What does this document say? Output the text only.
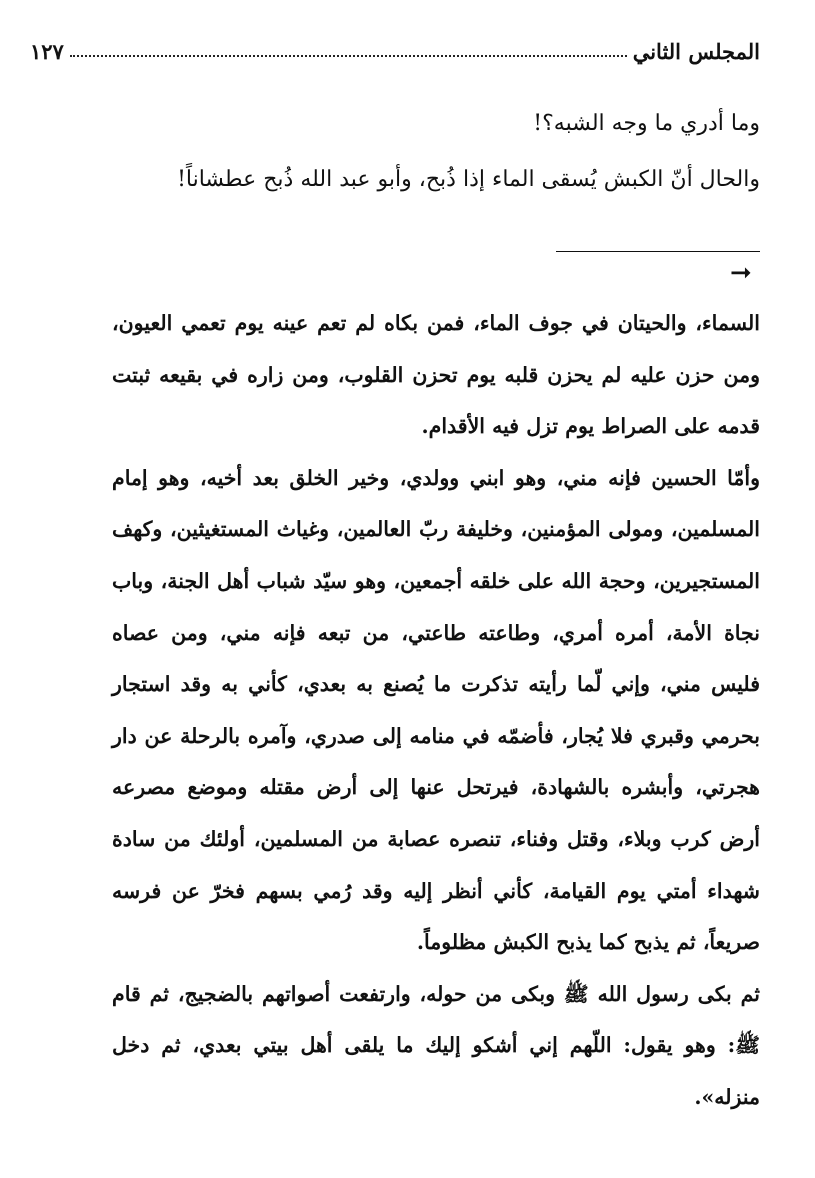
المجلس الثاني
١٢٧

وما أدري ما وجه الشبه؟!

والحال أنّ الكبش يُسقى الماء إذا ذُبح، وأبو عبد الله ذُبح عطشاناً!

➞

السماء، والحيتان في جوف الماء، فمن بكاه لم تعم عينه يوم تعمي العيون، ومن حزن عليه لم يحزن قلبه يوم تحزن القلوب، ومن زاره في بقيعه ثبتت قدمه على الصراط يوم تزل فيه الأقدام.

وأمّا الحسين فإنه مني، وهو ابني وولدي، وخير الخلق بعد أخيه، وهو إمام المسلمين، ومولى المؤمنين، وخليفة ربّ العالمين، وغياث المستغيثين، وكهف المستجيرين، وحجة الله على خلقه أجمعين، وهو سيّد شباب أهل الجنة، وباب نجاة الأمة، أمره أمري، وطاعته طاعتي، من تبعه فإنه مني، ومن عصاه فليس مني، وإني لّما رأيته تذكرت ما يُصنع به بعدي، كأني به وقد استجار بحرمي وقبري فلا يُجار، فأضمّه في منامه إلى صدري، وآمره بالرحلة عن دار هجرتي، وأبشره بالشهادة، فيرتحل عنها إلى أرض مقتله وموضع مصرعه أرض كرب وبلاء، وقتل وفناء، تنصره عصابة من المسلمين، أولئك من سادة شهداء أمتي يوم القيامة، كأني أنظر إليه وقد رُمي بسهم فخرّ عن فرسه صريعاً، ثم يذبح كما يذبح الكبش مظلوماً.

ثم بكى رسول الله ﷺ وبكى من حوله، وارتفعت أصواتهم بالضجيج، ثم قام ﷺ: وهو يقول: اللّهم إني أشكو إليك ما يلقى أهل بيتي بعدي، ثم دخل منزله».
